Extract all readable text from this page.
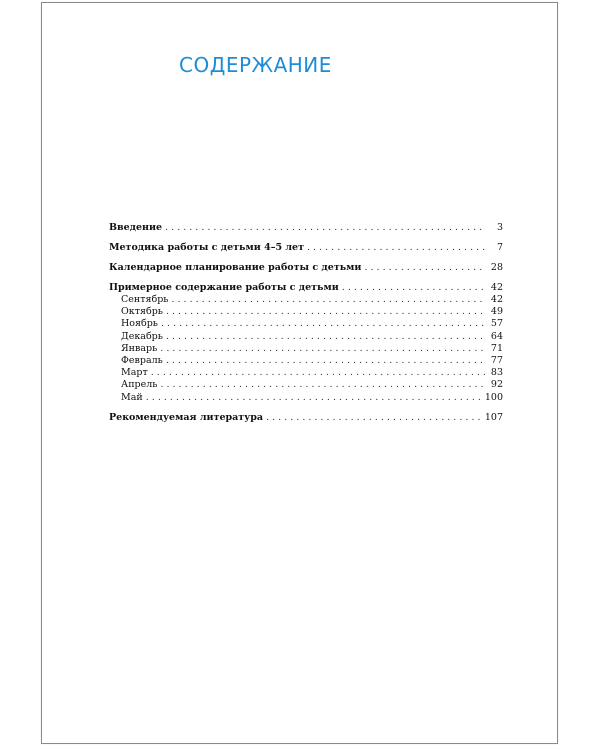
СОДЕРЖАНИЕ
Введение . . .	3
Методика работы с детьми 4–5 лет . . .	7
Календарное планирование работы с детьми . . .	28
Примерное содержание работы с детьми . . .	42
Сентябрь . . .	42
Октябрь . . .	49
Ноябрь . . .	57
Декабрь . . .	64
Январь . . .	71
Февраль . . .	77
Март . . .	83
Апрель . . .	92
Май . . .	100
Рекомендуемая литература . . .	107
